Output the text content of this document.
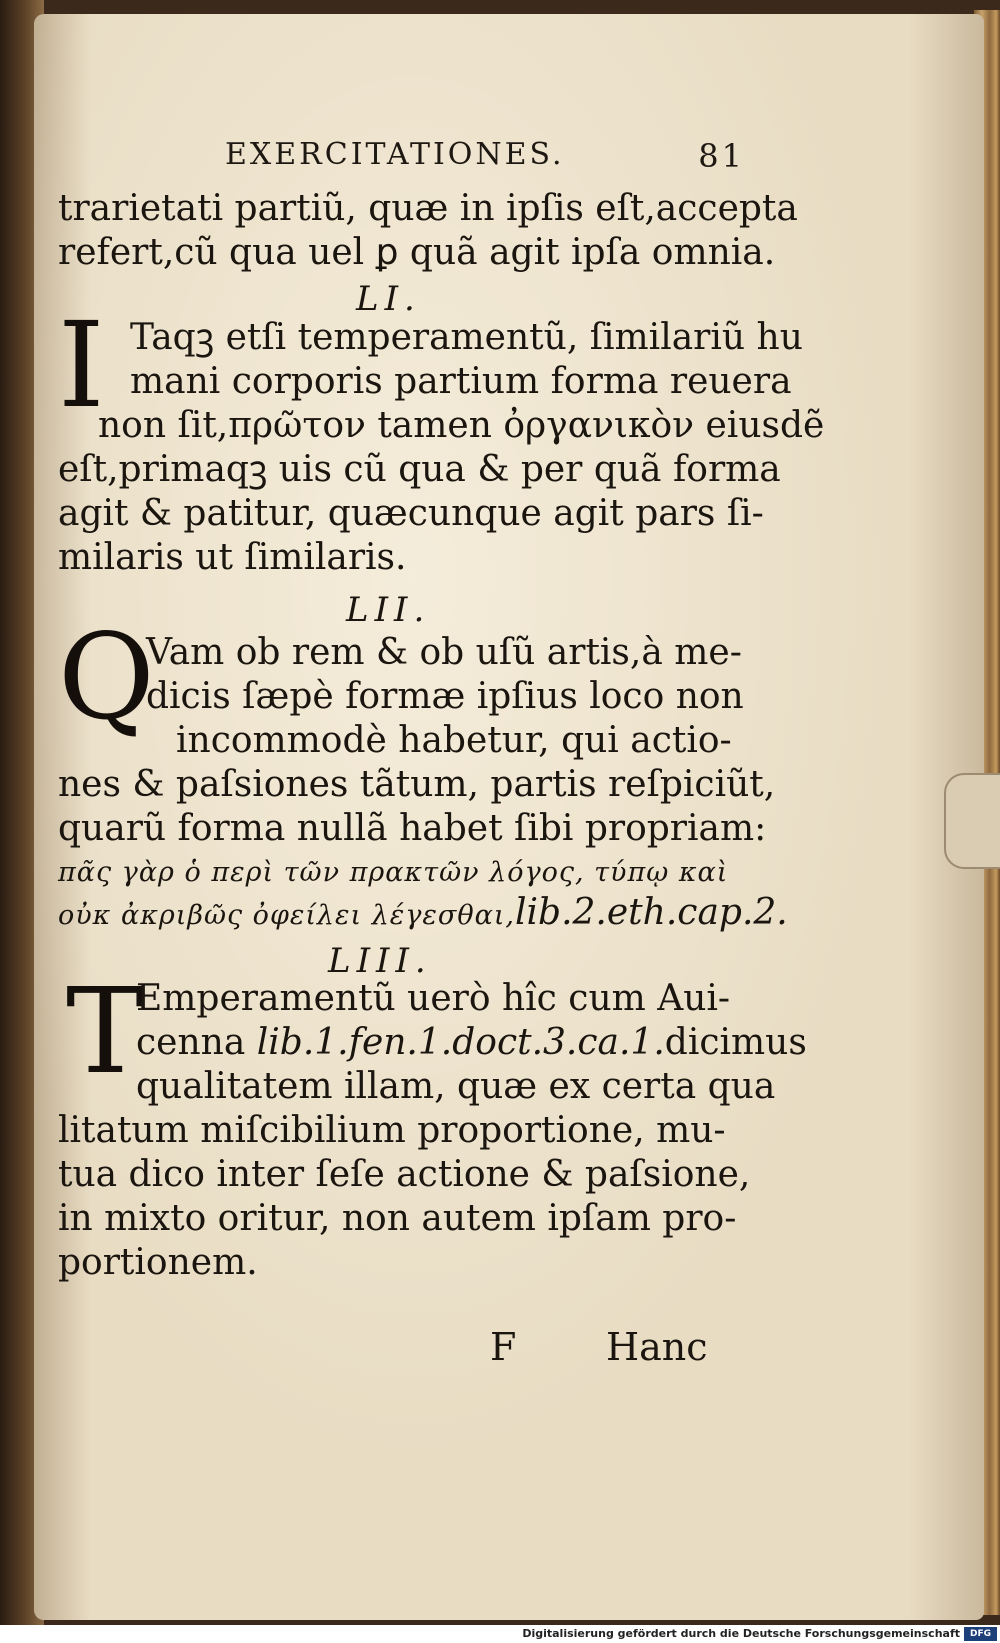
EXERCITATIONES.	81
trarietati partiũ, quæ in ipſis eſt,accepta
refert,cũ qua uel ꝑ quã agit ipſa omnia.
LI.
I Taqꝫ etſi temperamentũ, ſimilariũ hu
mani corporis partium forma reuera
non ſit,πρῶτον tamen ὀργανικὸν eiusdẽ
eſt,primaqꝫ uis cũ qua & per quã forma
agit & patitur, quæcunque agit pars ſi-
milaris ut ſimilaris.
LII.
Q
Vam ob rem & ob uſũ artis,à me-
dicis ſæpè formæ ipſius loco non
incommodè habetur, qui actio-
nes & paſsiones tãtum, partis reſpiciũt,
quarũ forma nullã habet ſibi propriam:
πᾶς γὰρ ὁ περὶ τῶν πρακτῶν λόγος, τύπῳ καὶ
οὐκ ἀκριβῶς ὀφείλει λέγεσθαι,lib.2.eth.cap.2.
LIII.
T
Emperamentũ uerò hîc cum Aui-
cenna lib.1.fen.1.doct.3.ca.1.dicimus
qualitatem illam, quæ ex certa qua
litatum miſcibilium proportione, mu-
tua dico inter ſeſe actione & paſsione,
in mixto oritur, non autem ipſam pro-
portionem.
F Hanc
Digitalisierung gefördert durch die Deutsche Forschungsgemeinschaft	DFG
